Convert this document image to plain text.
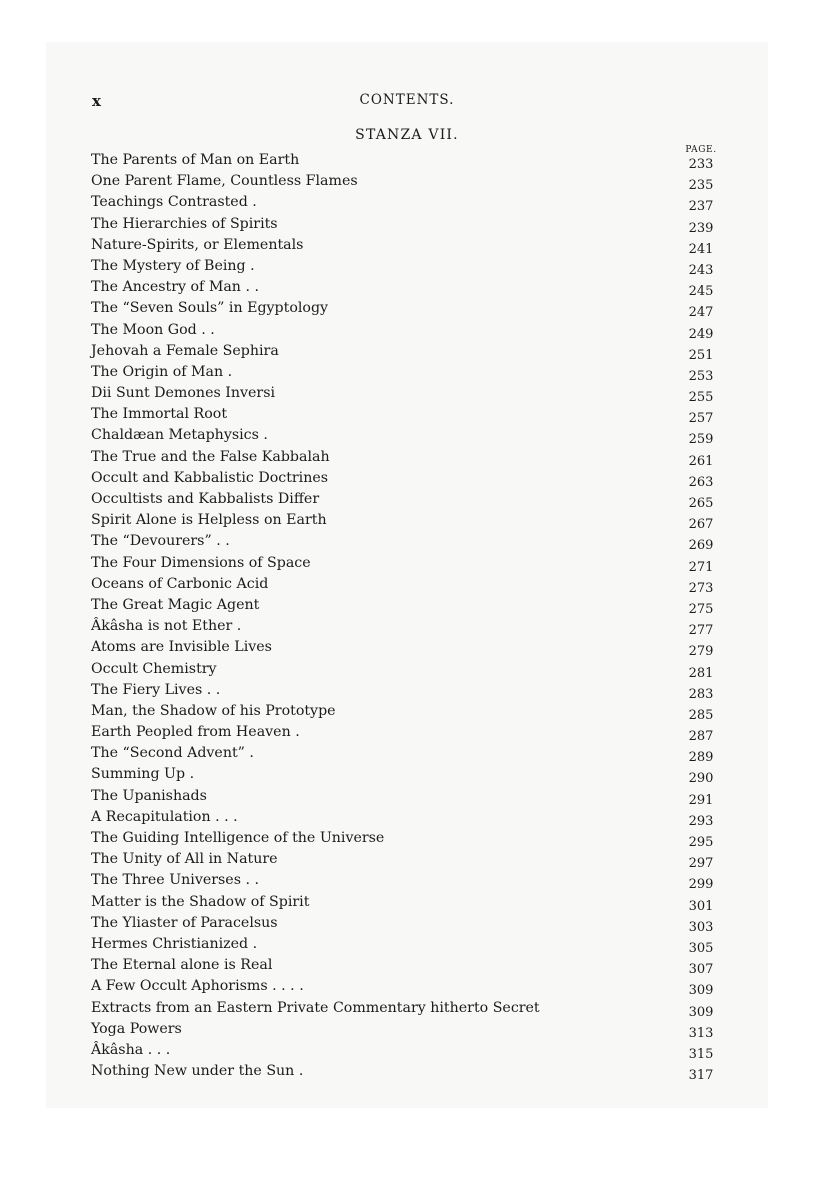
x	CONTENTS.
STANZA VII.
PAGE.
The Parents of Man on Earth	233
One Parent Flame, Countless Flames	235
Teachings Contrasted .	237
The Hierarchies of Spirits	239
Nature-Spirits, or Elementals	241
The Mystery of Being .	243
The Ancestry of Man . .	245
The “Seven Souls” in Egyptology	247
The Moon God . .	249
Jehovah a Female Sephira	251
The Origin of Man .	253
Dii Sunt Demones Inversi	255
The Immortal Root	257
Chaldæan Metaphysics .	259
The True and the False Kabbalah	261
Occult and Kabbalistic Doctrines	263
Occultists and Kabbalists Differ	265
Spirit Alone is Helpless on Earth	267
The “Devourers” . .	269
The Four Dimensions of Space	271
Oceans of Carbonic Acid	273
The Great Magic Agent	275
Âkâsha is not Ether .	277
Atoms are Invisible Lives	279
Occult Chemistry	281
The Fiery Lives . .	283
Man, the Shadow of his Prototype	285
Earth Peopled from Heaven .	287
The “Second Advent” .	289
Summing Up .	290
The Upanishads	291
A Recapitulation . . .	293
The Guiding Intelligence of the Universe	295
The Unity of All in Nature	297
The Three Universes . .	299
Matter is the Shadow of Spirit	301
The Yliaster of Paracelsus	303
Hermes Christianized .	305
The Eternal alone is Real	307
A Few Occult Aphorisms . . . .	309
Extracts from an Eastern Private Commentary hitherto Secret	309
Yoga Powers	313
Âkâsha . . .	315
Nothing New under the Sun .	317
